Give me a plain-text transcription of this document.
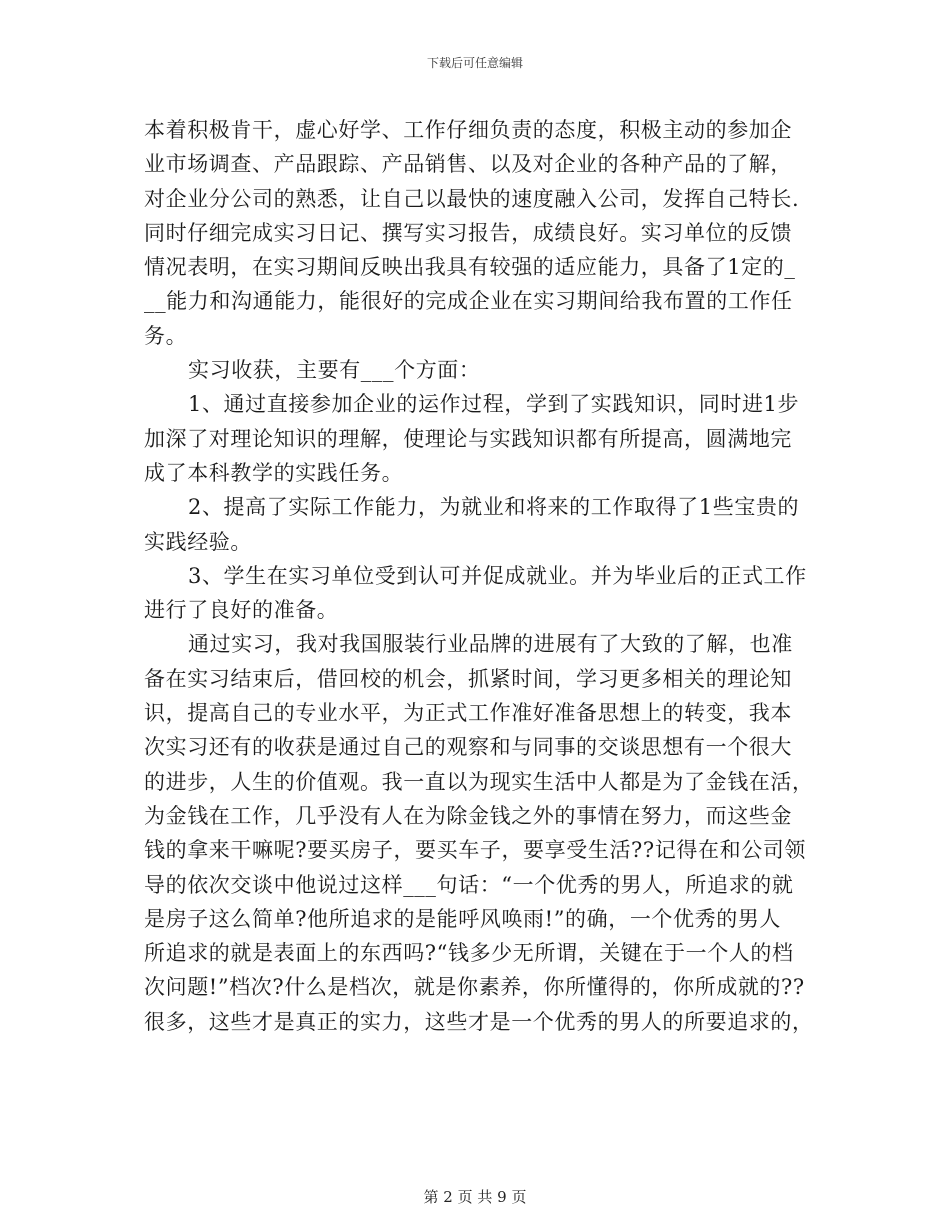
下载后可任意编辑
本着积极肯干，虚心好学、工作仔细负责的态度，积极主动的参加企
业市场调查、产品跟踪、产品销售、以及对企业的各种产品的了解，
对企业分公司的熟悉，让自己以最快的速度融入公司，发挥自己特长.
同时仔细完成实习日记、撰写实习报告，成绩良好。实习单位的反馈
情况表明，在实习期间反映出我具有较强的适应能力，具备了1定的_
__能力和沟通能力，能很好的完成企业在实习期间给我布置的工作任
务。
实习收获，主要有___个方面：
1、通过直接参加企业的运作过程，学到了实践知识，同时进1步
加深了对理论知识的理解，使理论与实践知识都有所提高，圆满地完
成了本科教学的实践任务。
2、提高了实际工作能力，为就业和将来的工作取得了1些宝贵的
实践经验。
3、学生在实习单位受到认可并促成就业。并为毕业后的正式工作
进行了良好的准备。
通过实习，我对我国服装行业品牌的进展有了大致的了解，也准
备在实习结束后，借回校的机会，抓紧时间，学习更多相关的理论知
识，提高自己的专业水平，为正式工作准好准备思想上的转变，我本
次实习还有的收获是通过自己的观察和与同事的交谈思想有一个很大
的进步，人生的价值观。我一直以为现实生活中人都是为了金钱在活，
为金钱在工作，几乎没有人在为除金钱之外的事情在努力，而这些金
钱的拿来干嘛呢?要买房子，要买车子，要享受生活??记得在和公司领
导的依次交谈中他说过这样___句话：“一个优秀的男人，所追求的就
是房子这么简单?他所追求的是能呼风唤雨!”的确，一个优秀的男人
所追求的就是表面上的东西吗?“钱多少无所谓，关键在于一个人的档
次问题!”档次?什么是档次，就是你素养，你所懂得的，你所成就的??
很多，这些才是真正的实力，这些才是一个优秀的男人的所要追求的，
第 2 页 共 9 页
